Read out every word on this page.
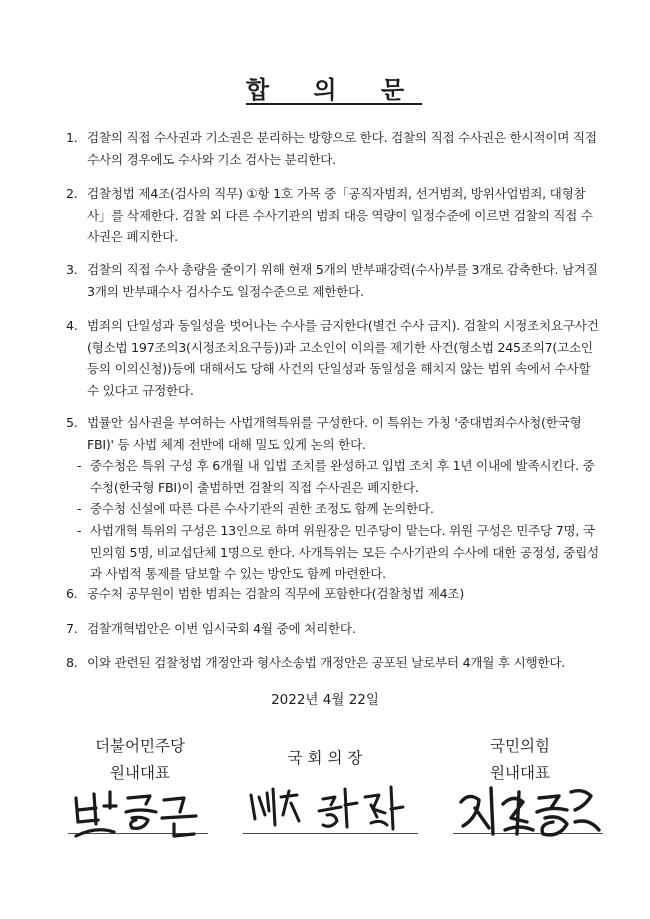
합 의 문
1. 검찰의 직접 수사권과 기소권은 분리하는 방향으로 한다. 검찰의 직접 수사권은 한시적이며 직접 수사의 경우에도 수사와 기소 검사는 분리한다.
2. 검찰청법 제4조(검사의 직무) ①항 1호 가목 중「공직자범죄, 선거범죄, 방위사업범죄, 대형참사」를 삭제한다. 검찰 외 다른 수사기관의 범죄 대응 역량이 일정수준에 이르면 검찰의 직접 수사권은 폐지한다.
3. 검찰의 직접 수사 총량을 줄이기 위해 현재 5개의 반부패강력(수사)부를 3개로 감축한다. 남겨질 3개의 반부패수사 검사수도 일정수준으로 제한한다.
4. 범죄의 단일성과 동일성을 벗어나는 수사를 금지한다(별건 수사 금지). 검찰의 시정조치요구사건(형소법 197조의3(시정조치요구등))과 고소인이 이의를 제기한 사건(형소법 245조의7(고소인등의 이의신청))등에 대해서도 당해 사건의 단일성과 동일성을 해치지 않는 범위 속에서 수사할 수 있다고 규정한다.
5. 법률안 심사권을 부여하는 사법개혁특위를 구성한다. 이 특위는 가칭 '중대범죄수사청(한국형 FBI)' 등 사법 체계 전반에 대해 밀도 있게 논의 한다.
- 중수청은 특위 구성 후 6개월 내 입법 조치를 완성하고 입법 조치 후 1년 이내에 발족시킨다. 중수청(한국형 FBI)이 출범하면 검찰의 직접 수사권은 폐지한다.
- 중수청 신설에 따른 다른 수사기관의 권한 조정도 함께 논의한다.
- 사법개혁 특위의 구성은 13인으로 하며 위원장은 민주당이 맡는다. 위원 구성은 민주당 7명, 국민의힘 5명, 비교섭단체 1명으로 한다. 사개특위는 모든 수사기관의 수사에 대한 공정성, 중립성과 사법적 통제를 담보할 수 있는 방안도 함께 마련한다.
6. 공수처 공무원이 범한 범죄는 검찰의 직무에 포함한다(검찰청법 제4조)
7. 검찰개혁법안은 이번 임시국회 4월 중에 처리한다.
8. 이와 관련된 검찰청법 개정안과 형사소송법 개정안은 공포된 날로부터 4개월 후 시행한다.
2022년 4월 22일
더불어민주당
원내대표
국 회 의 장
국민의힘
원내대표
